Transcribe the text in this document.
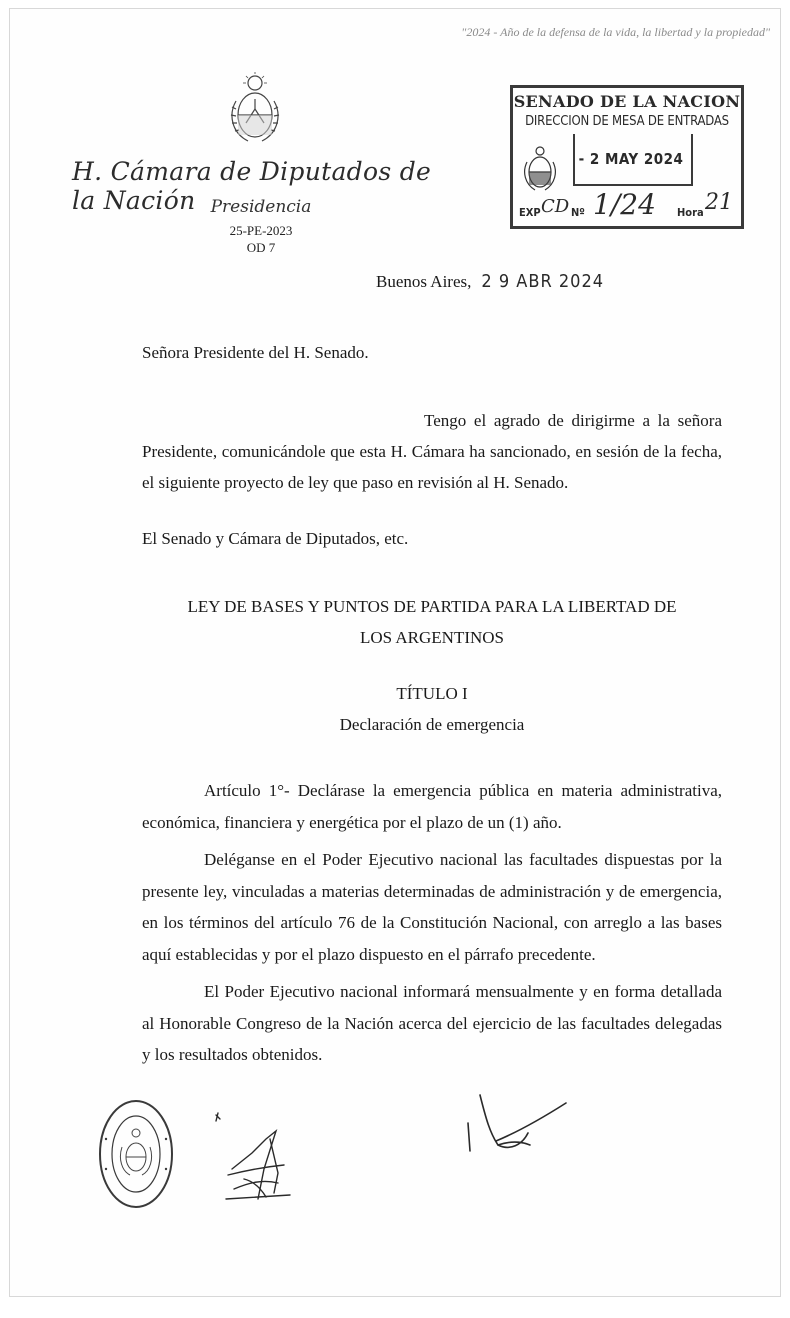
"2024 - Año de la defensa de la vida, la libertad y la propiedad"
H. Cámara de Diputados de la Nación Presidencia
25-PE-2023
OD 7
SENADO DE LA NACION
DIRECCION DE MESA DE ENTRADAS
- 2 MAY 2024
EXP CD Nº 1/24 Hora 21
Buenos Aires, 2 9 ABR 2024
Señora Presidente del H. Senado.
Tengo el agrado de dirigirme a la señora Presidente, comunicándole que esta H. Cámara ha sancionado, en sesión de la fecha, el siguiente proyecto de ley que paso en revisión al H. Senado.
El Senado y Cámara de Diputados, etc.
LEY DE BASES Y PUNTOS DE PARTIDA PARA LA LIBERTAD DE
LOS ARGENTINOS
TÍTULO I
Declaración de emergencia

Artículo 1°- Declárase la emergencia pública en materia administrativa, económica, financiera y energética por el plazo de un (1) año.

Deléganse en el Poder Ejecutivo nacional las facultades dispuestas por la presente ley, vinculadas a materias determinadas de administración y de emergencia, en los términos del artículo 76 de la Constitución Nacional, con arreglo a las bases aquí establecidas y por el plazo dispuesto en el párrafo precedente.

El Poder Ejecutivo nacional informará mensualmente y en forma detallada al Honorable Congreso de la Nación acerca del ejercicio de las facultades delegadas y los resultados obtenidos.
